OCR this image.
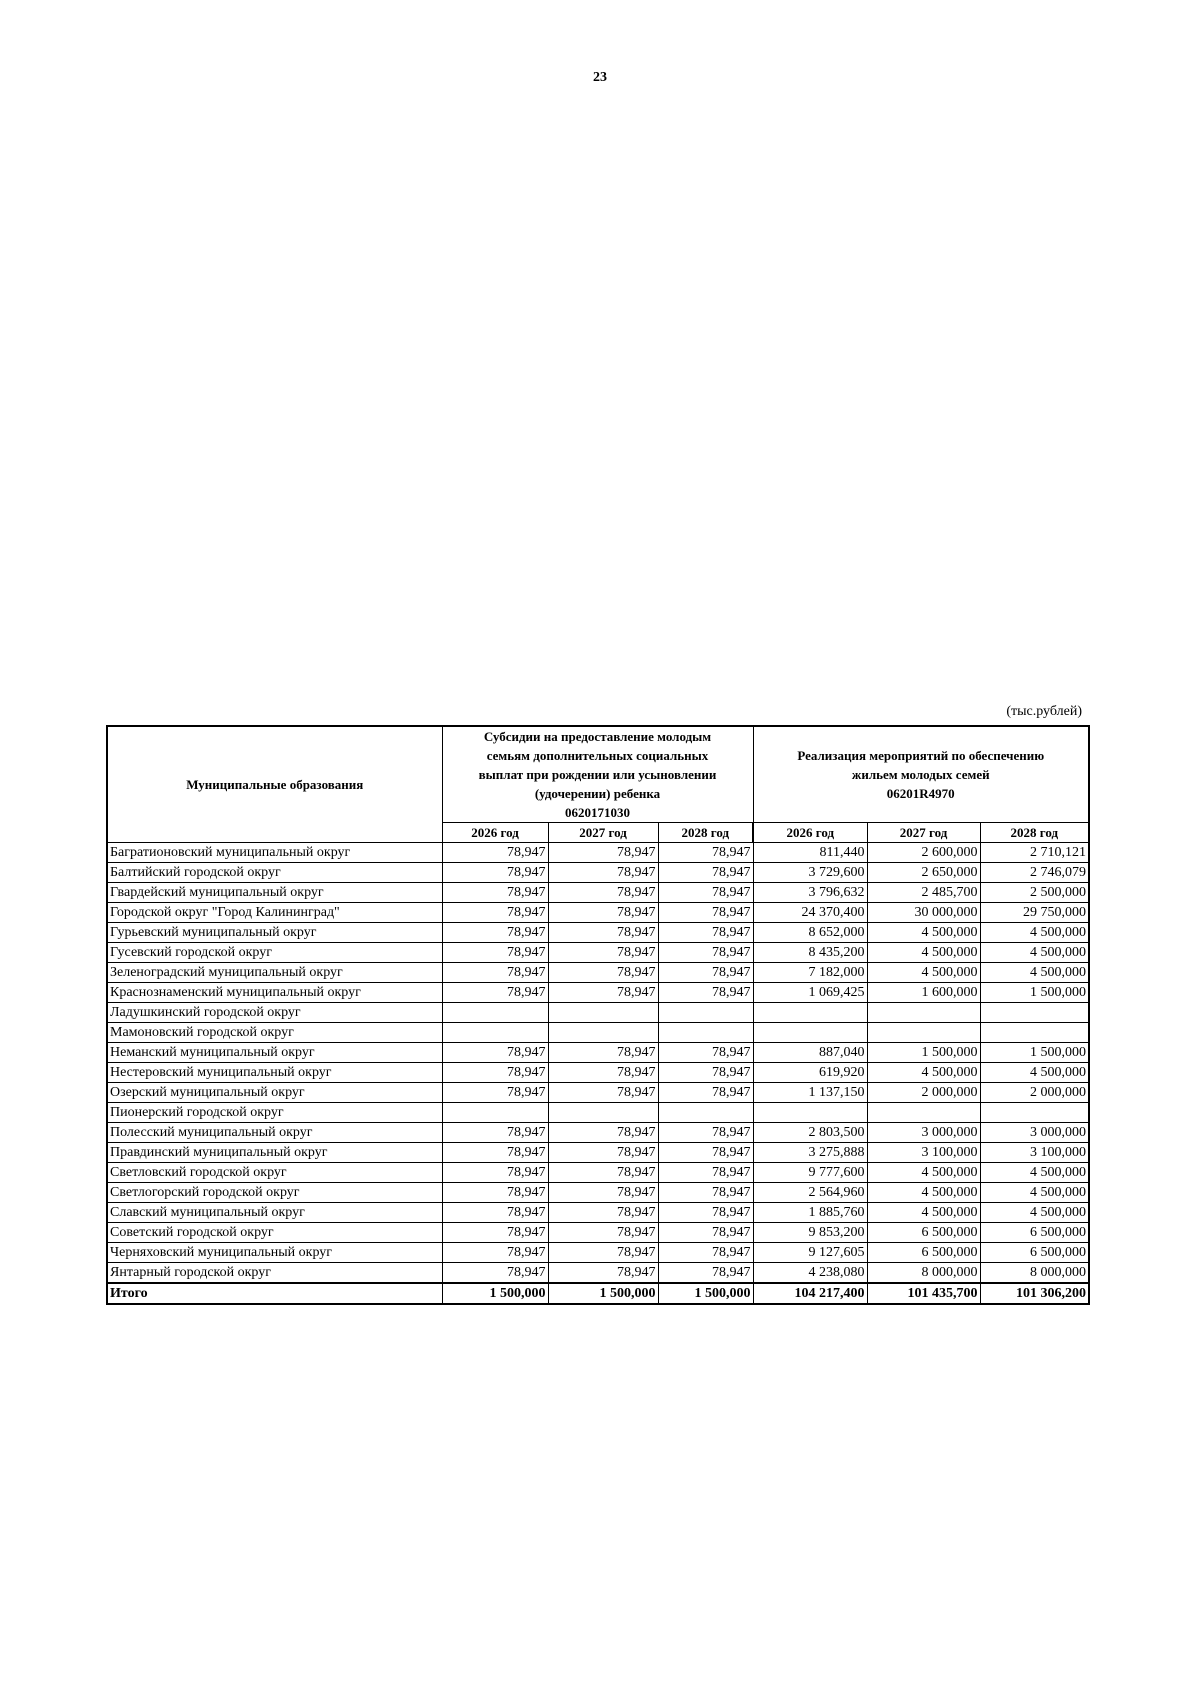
23
(тыс.рублей)
Муниципальные образования	Субсидии на предоставление молодым
семьям дополнительных социальных
выплат при рождении или усыновлении
(удочерении) ребенка
0620171030			Реализация мероприятий по обеспечению
жильем молодых семей
06201R4970		

	2026 год	2027 год	2028 год	2026 год	2027 год	2028 год
Багратионовский муниципальный округ	78,947	78,947	78,947	811,440	2 600,000	2 710,121
Балтийский городской округ	78,947	78,947	78,947	3 729,600	2 650,000	2 746,079
Гвардейский муниципальный округ	78,947	78,947	78,947	3 796,632	2 485,700	2 500,000
Городской округ "Город Калининград"	78,947	78,947	78,947	24 370,400	30 000,000	29 750,000
Гурьевский муниципальный округ	78,947	78,947	78,947	8 652,000	4 500,000	4 500,000
Гусевский городской округ	78,947	78,947	78,947	8 435,200	4 500,000	4 500,000
Зеленоградский муниципальный округ	78,947	78,947	78,947	7 182,000	4 500,000	4 500,000
Краснознаменский муниципальный округ	78,947	78,947	78,947	1 069,425	1 600,000	1 500,000
Ладушкинский городской округ						
Мамоновский городской округ						
Неманский муниципальный округ	78,947	78,947	78,947	887,040	1 500,000	1 500,000
Нестеровский муниципальный округ	78,947	78,947	78,947	619,920	4 500,000	4 500,000
Озерский муниципальный округ	78,947	78,947	78,947	1 137,150	2 000,000	2 000,000
Пионерский городской округ						
Полесский муниципальный округ	78,947	78,947	78,947	2 803,500	3 000,000	3 000,000
Правдинский муниципальный округ	78,947	78,947	78,947	3 275,888	3 100,000	3 100,000
Светловский городской округ	78,947	78,947	78,947	9 777,600	4 500,000	4 500,000
Светлогорский городской округ	78,947	78,947	78,947	2 564,960	4 500,000	4 500,000
Славский муниципальный округ	78,947	78,947	78,947	1 885,760	4 500,000	4 500,000
Советский городской округ	78,947	78,947	78,947	9 853,200	6 500,000	6 500,000
Черняховский муниципальный округ	78,947	78,947	78,947	9 127,605	6 500,000	6 500,000
Янтарный городской округ	78,947	78,947	78,947	4 238,080	8 000,000	8 000,000
Итого	1 500,000	1 500,000	1 500,000	104 217,400	101 435,700	101 306,200
